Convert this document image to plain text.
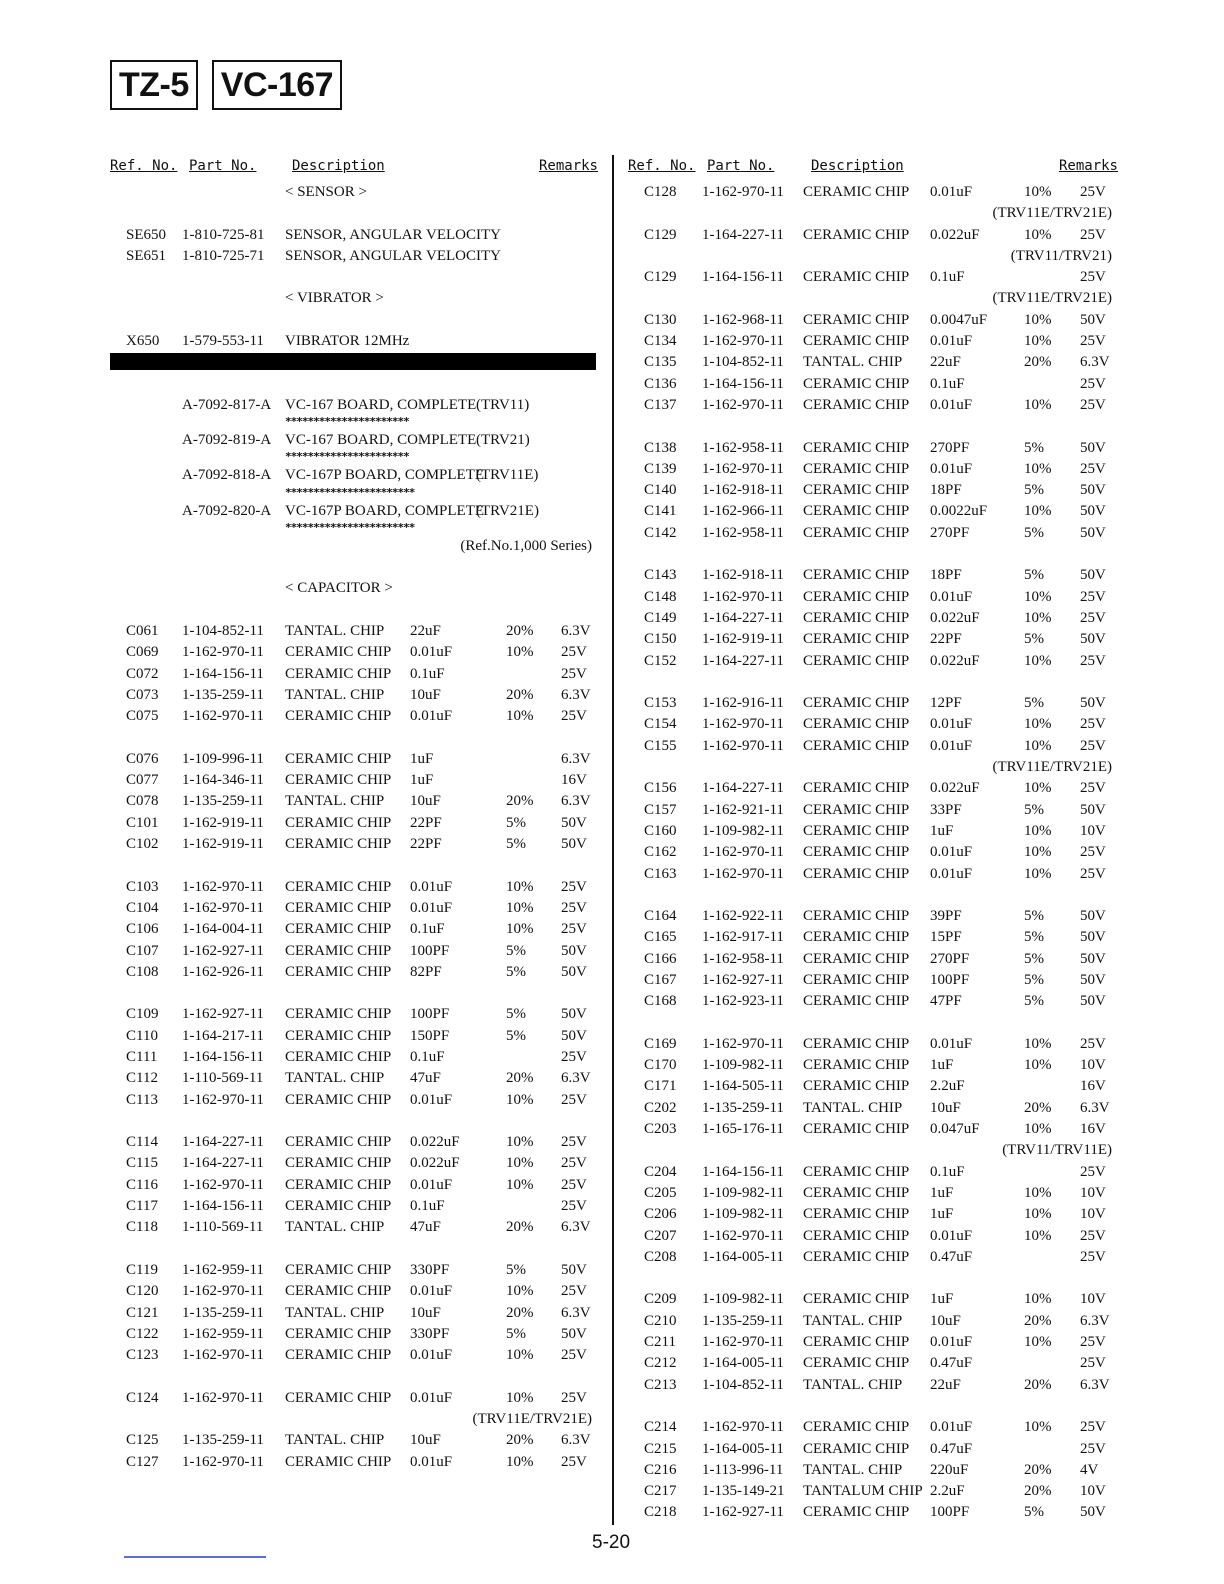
TZ-5 VC-167
Ref. No. Part No.	Description	Remarks
< SENSOR >
SE650 1-810-725-81 SENSOR, ANGULAR VELOCITY
SE651 1-810-725-71 SENSOR, ANGULAR VELOCITY
< VIBRATOR >
X650 1-579-553-11 VIBRATOR 12MHz
A-7092-817-A VC-167 BOARD, COMPLETE (TRV11)
**********************
A-7092-819-A VC-167 BOARD, COMPLETE (TRV21)
**********************
A-7092-818-A VC-167P BOARD, COMPLETE
(TRV11E)
***********************
A-7092-820-A VC-167P BOARD, COMPLETE
(TRV21E)
***********************
(Ref.No.1,000 Series)
< CAPACITOR >
C061 1-104-852-11 TANTAL. CHIP 22uF	20% 6.3V
C069 1-162-970-11 CERAMIC CHIP 0.01uF	10% 25V
C072 1-164-156-11 CERAMIC CHIP 0.1uF	25V
C073 1-135-259-11 TANTAL. CHIP 10uF	20% 6.3V
C075 1-162-970-11 CERAMIC CHIP 0.01uF	10% 25V
C076 1-109-996-11 CERAMIC CHIP 1uF	6.3V
C077 1-164-346-11 CERAMIC CHIP 1uF	16V
C078 1-135-259-11 TANTAL. CHIP 10uF	20% 6.3V
C101 1-162-919-11 CERAMIC CHIP 22PF	5% 50V
C102 1-162-919-11 CERAMIC CHIP 22PF	5% 50V
C103 1-162-970-11 CERAMIC CHIP 0.01uF	10% 25V
C104 1-162-970-11 CERAMIC CHIP 0.01uF	10% 25V
C106 1-164-004-11 CERAMIC CHIP 0.1uF	10% 25V
C107 1-162-927-11 CERAMIC CHIP 100PF	5% 50V
C108 1-162-926-11 CERAMIC CHIP 82PF	5% 50V
C109 1-162-927-11 CERAMIC CHIP 100PF	5% 50V
C110 1-164-217-11 CERAMIC CHIP 150PF	5% 50V
C111 1-164-156-11 CERAMIC CHIP 0.1uF	25V
C112 1-110-569-11 TANTAL. CHIP 47uF	20% 6.3V
C113 1-162-970-11 CERAMIC CHIP 0.01uF	10% 25V
C114 1-164-227-11 CERAMIC CHIP 0.022uF	10% 25V
C115 1-164-227-11 CERAMIC CHIP 0.022uF	10% 25V
C116 1-162-970-11 CERAMIC CHIP 0.01uF	10% 25V
C117 1-164-156-11 CERAMIC CHIP 0.1uF	25V
C118 1-110-569-11 TANTAL. CHIP 47uF	20% 6.3V
C119 1-162-959-11 CERAMIC CHIP 330PF	5% 50V
C120 1-162-970-11 CERAMIC CHIP 0.01uF	10% 25V
C121 1-135-259-11 TANTAL. CHIP 10uF	20% 6.3V
C122 1-162-959-11 CERAMIC CHIP 330PF	5% 50V
C123 1-162-970-11 CERAMIC CHIP 0.01uF	10% 25V
C124 1-162-970-11 CERAMIC CHIP 0.01uF	10% 25V
(TRV11E/TRV21E)
C125 1-135-259-11 TANTAL. CHIP 10uF	20% 6.3V
C127 1-162-970-11 CERAMIC CHIP 0.01uF	10% 25V
Ref. No. Part No.	Description	Remarks
C128 1-162-970-11 CERAMIC CHIP 0.01uF	10% 25V
(TRV11E/TRV21E)
C129 1-164-227-11 CERAMIC CHIP 0.022uF	10% 25V
(TRV11/TRV21)
C129 1-164-156-11 CERAMIC CHIP 0.1uF	25V
(TRV11E/TRV21E)
C130 1-162-968-11 CERAMIC CHIP 0.0047uF 10% 50V
C134 1-162-970-11 CERAMIC CHIP 0.01uF	10% 25V
C135 1-104-852-11 TANTAL. CHIP 22uF	20% 6.3V
C136 1-164-156-11 CERAMIC CHIP 0.1uF	25V
C137 1-162-970-11 CERAMIC CHIP 0.01uF	10% 25V
C138 1-162-958-11 CERAMIC CHIP 270PF	5% 50V
C139 1-162-970-11 CERAMIC CHIP 0.01uF	10% 25V
C140 1-162-918-11 CERAMIC CHIP 18PF	5% 50V
C141 1-162-966-11 CERAMIC CHIP 0.0022uF 10% 50V
C142 1-162-958-11 CERAMIC CHIP 270PF	5% 50V
C143 1-162-918-11 CERAMIC CHIP 18PF	5% 50V
C148 1-162-970-11 CERAMIC CHIP 0.01uF	10% 25V
C149 1-164-227-11 CERAMIC CHIP 0.022uF	10% 25V
C150 1-162-919-11 CERAMIC CHIP 22PF	5% 50V
C152 1-164-227-11 CERAMIC CHIP 0.022uF	10% 25V
C153 1-162-916-11 CERAMIC CHIP 12PF	5% 50V
C154 1-162-970-11 CERAMIC CHIP 0.01uF	10% 25V
C155 1-162-970-11 CERAMIC CHIP 0.01uF	10% 25V
(TRV11E/TRV21E)
C156 1-164-227-11 CERAMIC CHIP 0.022uF	10% 25V
C157 1-162-921-11 CERAMIC CHIP 33PF	5% 50V
C160 1-109-982-11 CERAMIC CHIP 1uF	10% 10V
C162 1-162-970-11 CERAMIC CHIP 0.01uF	10% 25V
C163 1-162-970-11 CERAMIC CHIP 0.01uF	10% 25V
C164 1-162-922-11 CERAMIC CHIP 39PF	5% 50V
C165 1-162-917-11 CERAMIC CHIP 15PF	5% 50V
C166 1-162-958-11 CERAMIC CHIP 270PF	5% 50V
C167 1-162-927-11 CERAMIC CHIP 100PF	5% 50V
C168 1-162-923-11 CERAMIC CHIP 47PF	5% 50V
C169 1-162-970-11 CERAMIC CHIP 0.01uF	10% 25V
C170 1-109-982-11 CERAMIC CHIP 1uF	10% 10V
C171 1-164-505-11 CERAMIC CHIP 2.2uF	16V
C202 1-135-259-11 TANTAL. CHIP 10uF	20% 6.3V
C203 1-165-176-11 CERAMIC CHIP 0.047uF	10% 16V
(TRV11/TRV11E)
C204 1-164-156-11 CERAMIC CHIP 0.1uF	25V
C205 1-109-982-11 CERAMIC CHIP 1uF	10% 10V
C206 1-109-982-11 CERAMIC CHIP 1uF	10% 10V
C207 1-162-970-11 CERAMIC CHIP 0.01uF	10% 25V
C208 1-164-005-11 CERAMIC CHIP 0.47uF	25V
C209 1-109-982-11 CERAMIC CHIP 1uF	10% 10V
C210 1-135-259-11 TANTAL. CHIP 10uF	20% 6.3V
C211 1-162-970-11 CERAMIC CHIP 0.01uF	10% 25V
C212 1-164-005-11 CERAMIC CHIP 0.47uF	25V
C213 1-104-852-11 TANTAL. CHIP 22uF	20% 6.3V
C214 1-162-970-11 CERAMIC CHIP 0.01uF	10% 25V
C215 1-164-005-11 CERAMIC CHIP 0.47uF	25V
C216 1-113-996-11 TANTAL. CHIP 220uF	20% 4V
C217 1-135-149-21 TANTALUM CHIP 2.2uF	20% 10V
C218 1-162-927-11 CERAMIC CHIP 100PF	5% 50V
5-20
